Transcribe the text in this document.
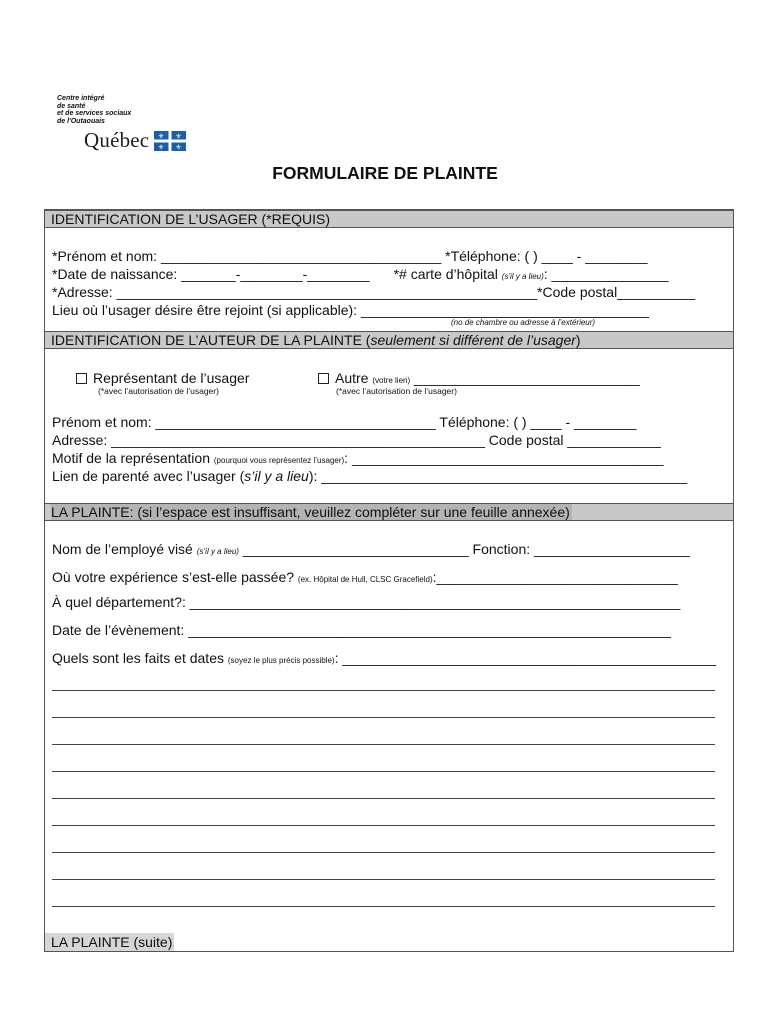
Centre intégré
de santé
et de services sociaux
de l'Outaouais
Québec ⚜ ⚜
⚜ ⚜
FORMULAIRE DE PLAINTE
IDENTIFICATION DE L’USAGER (*REQUIS)
*Prénom et nom: ____________________________________ *Téléphone: ( ) ____ - ________
*Date de naissance: _______-________-________ *# carte d’hôpital (s'il y a lieu): _______________
*Adresse: ______________________________________________________*Code postal__________
Lieu où l’usager désire être rejoint (si applicable): _____________________________________
(no de chambre ou adresse à l’extérieur)
IDENTIFICATION DE L’AUTEUR DE LA PLAINTE (seulement si différent de l’usager)
Représentant de l’usager
(*avec l’autorisation de l’usager)
Autre (votre lien) _____________________________
(*avec l’autorisation de l’usager)
Prénom et nom: ____________________________________ Téléphone: ( ) ____ - ________
Adresse: ________________________________________________ Code postal ____________
Motif de la représentation (pourquoi vous représentez l’usager): ________________________________________
Lien de parenté avec l’usager (s’il y a lieu): _______________________________________________
LA PLAINTE: (si l’espace est insuffisant, veuillez compléter sur une feuille annexée)
Nom de l’employé visé (s’il y a lieu) _____________________________ Fonction: ____________________
Où votre expérience s’est-elle passée? (ex. Hôpital de Hull, CLSC Gracefield):_______________________________
À quel département?: _______________________________________________________________
Date de l’évènement: ______________________________________________________________
Quels sont les faits et dates (soyez le plus précis possible): ________________________________________________
LA PLAINTE (suite)
